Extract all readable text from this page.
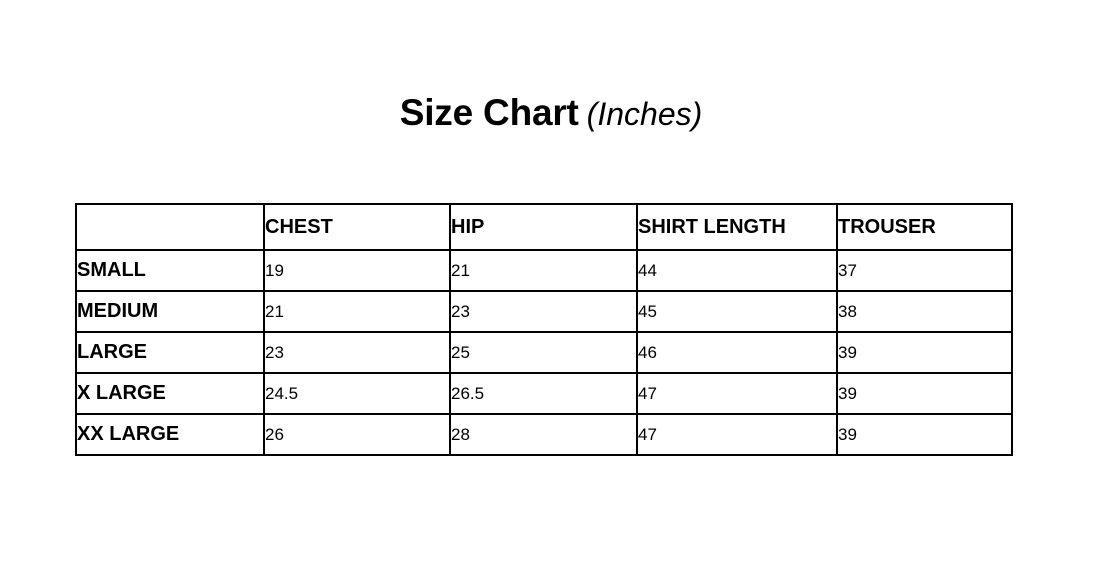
Size Chart (Inches)
	CHEST	HIP	SHIRT LENGTH	TROUSER
SMALL	19	21	44	37
MEDIUM	21	23	45	38
LARGE	23	25	46	39
X LARGE	24.5	26.5	47	39
XX LARGE	26	28	47	39
